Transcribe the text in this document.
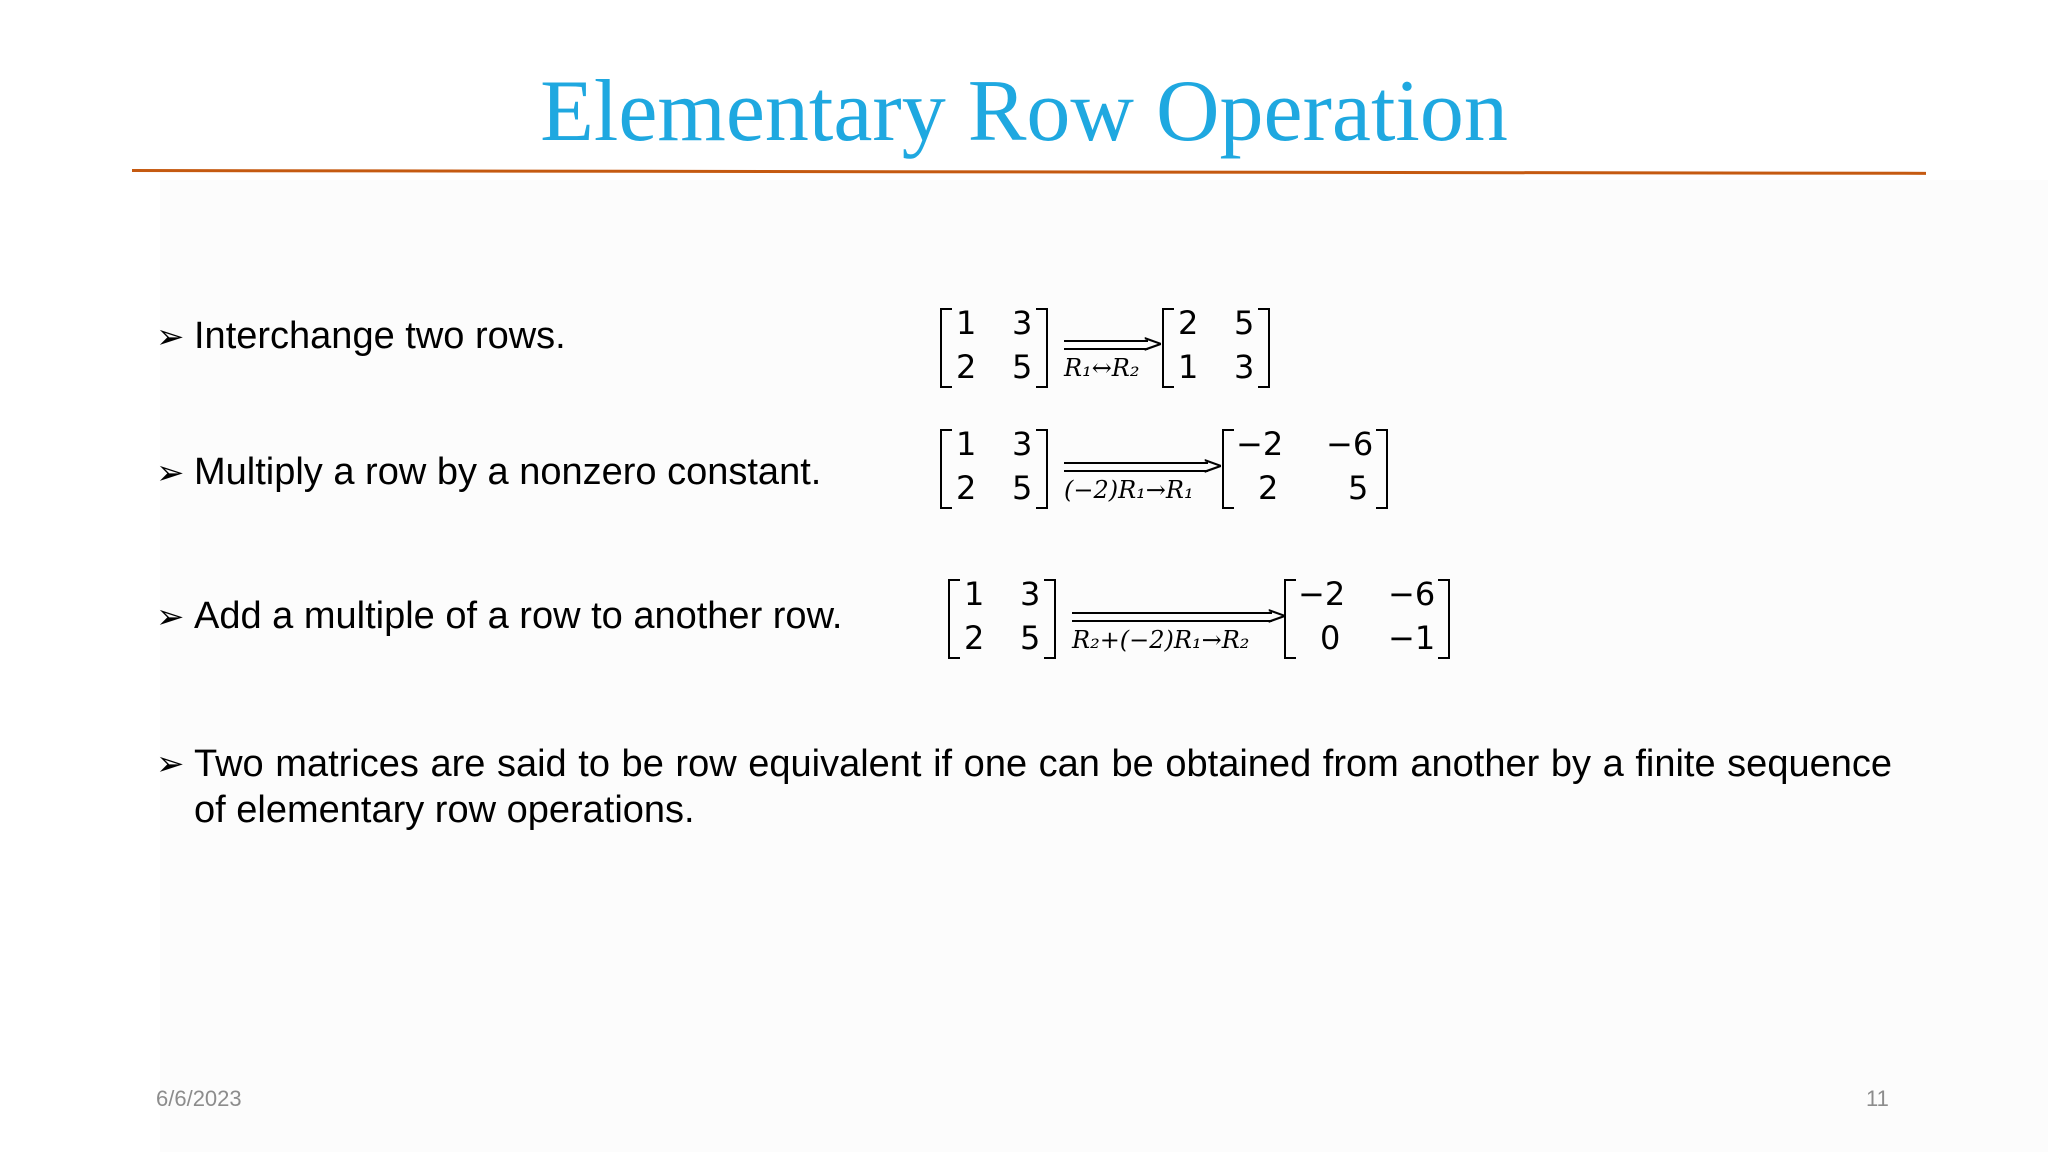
Elementary Row Operation
➢ Interchange two rows.
➢ Multiply a row by a nonzero constant.
➢ Add a multiple of a row to another row.
➢ Two matrices are said to be row equivalent if one can be obtained from another by a finite sequence of elementary row operations.
1 3
2 5
>
R₁↔R₂
2 5
1 3
1 3
2 5
>
(−2)R₁→R₁
−2 −6
2 5
1 3
2 5
>
R₂+(−2)R₁→R₂
−2 −6
0 −1
6/6/2023	11
